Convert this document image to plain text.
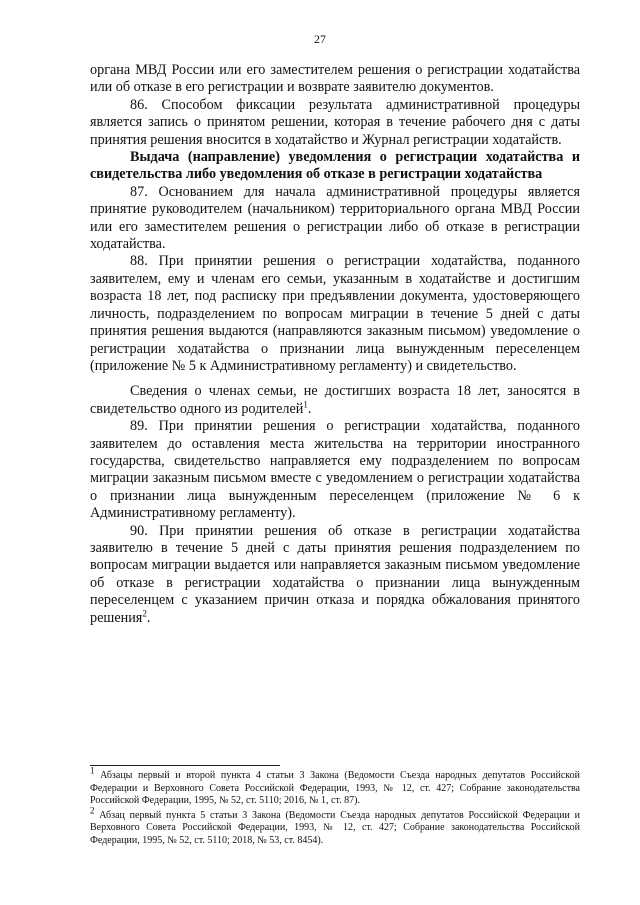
27

органа МВД России или его заместителем решения о регистрации ходатайства или об отказе в его регистрации и возврате заявителю документов.

86. Способом фиксации результата административной процедуры является запись о принятом решении, которая в течение рабочего дня с даты принятия решения вносится в ходатайство и Журнал регистрации ходатайств.

Выдача (направление) уведомления о регистрации ходатайства и свидетельства либо уведомления об отказе в регистрации ходатайства

87. Основанием для начала административной процедуры является принятие руководителем (начальником) территориального органа МВД России или его заместителем решения о регистрации либо об отказе в регистрации ходатайства.

88. При принятии решения о регистрации ходатайства, поданного заявителем, ему и членам его семьи, указанным в ходатайстве и достигшим возраста 18 лет, под расписку при предъявлении документа, удостоверяющего личность, подразделением по вопросам миграции в течение 5 дней с даты принятия решения выдаются (направляются заказным письмом) уведомление о регистрации ходатайства о признании лица вынужденным переселенцем (приложение № 5 к Административному регламенту) и свидетельство.

Сведения о членах семьи, не достигших возраста 18 лет, заносятся в свидетельство одного из родителей$^1$.

89. При принятии решения о регистрации ходатайства, поданного заявителем до оставления места жительства на территории иностранного государства, свидетельство направляется ему подразделением по вопросам миграции заказным письмом вместе с уведомлением о регистрации ходатайства о признании лица вынужденным переселенцем (приложение № 6 к Административному регламенту).

90. При принятии решения об отказе в регистрации ходатайства заявителю в течение 5 дней с даты принятия решения подразделением по вопросам миграции выдается или направляется заказным письмом уведомление об отказе в регистрации ходатайства о признании лица вынужденным переселенцем с указанием причин отказа и порядка обжалования принятого решения$^2$.

$^1$ Абзацы первый и второй пункта 4 статьи 3 Закона (Ведомости Съезда народных депутатов Российской Федерации и Верховного Совета Российской Федерации, 1993, № 12, ст. 427; Собрание законодательства Российской Федерации, 1995, № 52, ст. 5110; 2016, № 1, ст. 87).

$^2$ Абзац первый пункта 5 статьи 3 Закона (Ведомости Съезда народных депутатов Российской Федерации и Верховного Совета Российской Федерации, 1993, № 12, ст. 427; Собрание законодательства Российской Федерации, 1995, № 52, ст. 5110; 2018, № 53, ст. 8454).
